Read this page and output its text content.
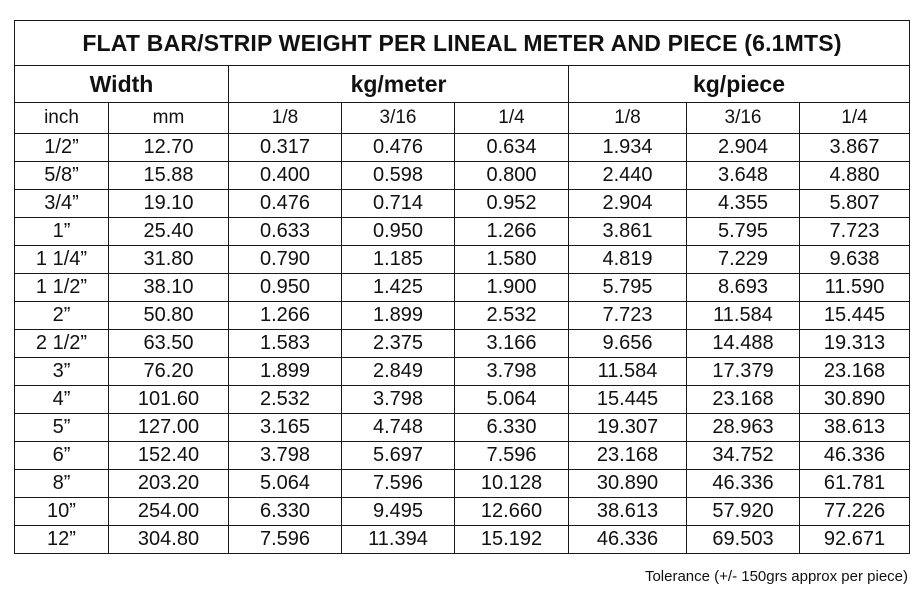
FLAT BAR/STRIP WEIGHT PER LINEAL METER AND PIECE (6.1MTS)							
Width		kg/meter			kg/piece		
inch	mm	1/8	3/16	1/4	1/8	3/16	1/4
1/2”	12.70	0.317	0.476	0.634	1.934	2.904	3.867
5/8”	15.88	0.400	0.598	0.800	2.440	3.648	4.880
3/4”	19.10	0.476	0.714	0.952	2.904	4.355	5.807
1”	25.40	0.633	0.950	1.266	3.861	5.795	7.723
1 1/4”	31.80	0.790	1.185	1.580	4.819	7.229	9.638
1 1/2”	38.10	0.950	1.425	1.900	5.795	8.693	11.590
2”	50.80	1.266	1.899	2.532	7.723	11.584	15.445
2 1/2”	63.50	1.583	2.375	3.166	9.656	14.488	19.313
3”	76.20	1.899	2.849	3.798	11.584	17.379	23.168
4”	101.60	2.532	3.798	5.064	15.445	23.168	30.890
5”	127.00	3.165	4.748	6.330	19.307	28.963	38.613
6”	152.40	3.798	5.697	7.596	23.168	34.752	46.336
8”	203.20	5.064	7.596	10.128	30.890	46.336	61.781
10”	254.00	6.330	9.495	12.660	38.613	57.920	77.226
12”	304.80	7.596	11.394	15.192	46.336	69.503	92.671
Tolerance (+/- 150grs approx per piece)
